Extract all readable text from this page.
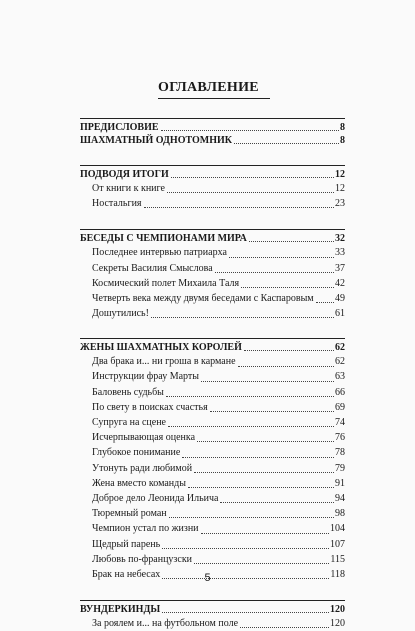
ОГЛАВЛЕНИЕ
ПРЕДИСЛОВИЕ	8
ШАХМАТНЫЙ ОДНОТОМНИК	8
ПОДВОДЯ ИТОГИ	12
От книги к книге	12
Ностальгия	23
БЕСЕДЫ С ЧЕМПИОНАМИ МИРА	32
Последнее интервью патриарха	33
Секреты Василия Смыслова	37
Космический полет Михаила Таля	42
Четверть века между двумя беседами с Каспаровым 49
Дошутились!	61
ЖЕНЫ ШАХМАТНЫХ КОРОЛЕЙ	62
Два брака и... ни гроша в кармане	62
Инструкции фрау Марты	63
Баловень судьбы	66
По свету в поисках счастья	69
Супруга на сцене	74
Исчерпывающая оценка	76
Глубокое понимание	78
Утонуть ради любимой	79
Жена вместо команды	91
Доброе дело Леонида Ильича	94
Тюремный роман	98
Чемпион устал по жизни	104
Щедрый парень	107
Любовь по-французски	115
Брак на небесах	118
ВУНДЕРКИНДЫ	120
За роялем и... на футбольном поле	120
5
